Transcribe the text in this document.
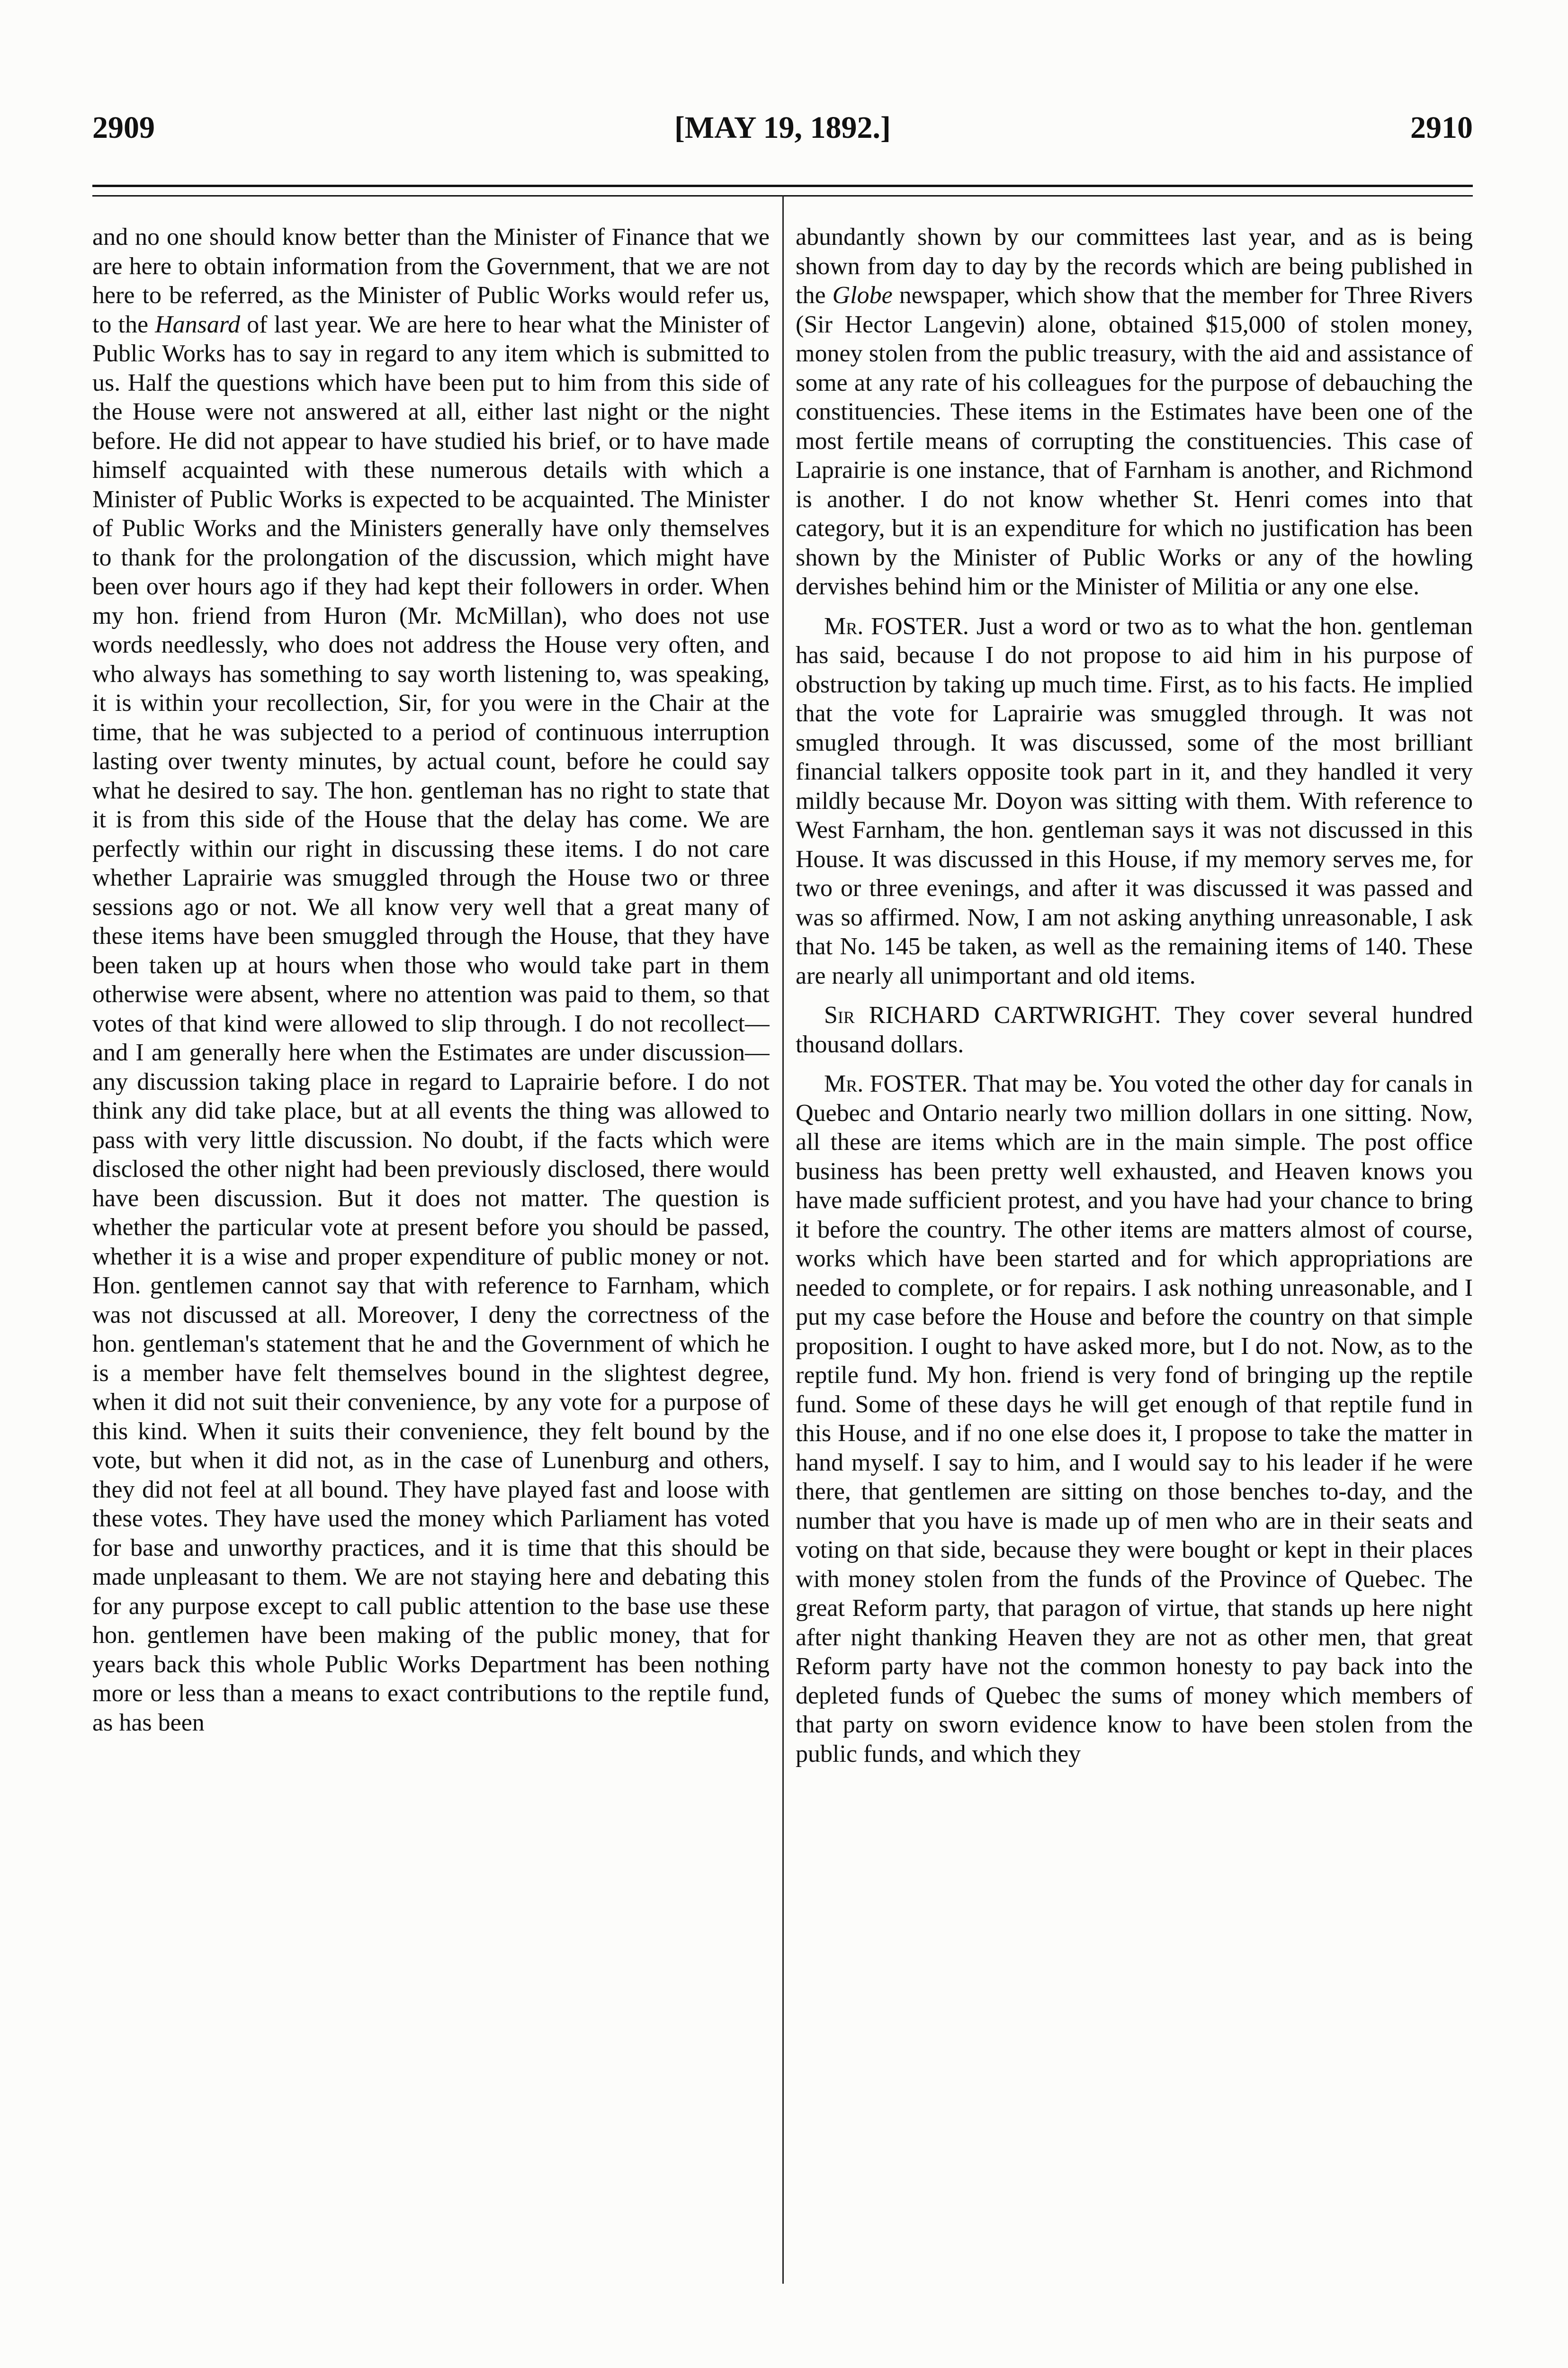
2909	[MAY 19, 1892.]	2910

and no one should know better than the Minister of Finance that we are here to obtain information from the Government, that we are not here to be referred, as the Minister of Public Works would refer us, to the Hansard of last year. We are here to hear what the Minister of Public Works has to say in regard to any item which is submitted to us. Half the questions which have been put to him from this side of the House were not answered at all, either last night or the night before. He did not appear to have studied his brief, or to have made himself acquainted with these numerous details with which a Minister of Public Works is expected to be acquainted. The Minister of Public Works and the Ministers generally have only themselves to thank for the prolongation of the discussion, which might have been over hours ago if they had kept their followers in order. When my hon. friend from Huron (Mr. McMillan), who does not use words needlessly, who does not address the House very often, and who always has something to say worth listening to, was speaking, it is within your recollection, Sir, for you were in the Chair at the time, that he was subjected to a period of continuous interruption lasting over twenty minutes, by actual count, before he could say what he desired to say. The hon. gentleman has no right to state that it is from this side of the House that the delay has come. We are perfectly within our right in discussing these items. I do not care whether Laprairie was smuggled through the House two or three sessions ago or not. We all know very well that a great many of these items have been smuggled through the House, that they have been taken up at hours when those who would take part in them otherwise were absent, where no attention was paid to them, so that votes of that kind were allowed to slip through. I do not recollect—and I am generally here when the Estimates are under discussion—any discussion taking place in regard to Laprairie before. I do not think any did take place, but at all events the thing was allowed to pass with very little discussion. No doubt, if the facts which were disclosed the other night had been previously disclosed, there would have been discussion. But it does not matter. The question is whether the particular vote at present before you should be passed, whether it is a wise and proper expenditure of public money or not. Hon. gentlemen cannot say that with reference to Farnham, which was not discussed at all. Moreover, I deny the correctness of the hon. gentleman's statement that he and the Government of which he is a member have felt themselves bound in the slightest degree, when it did not suit their convenience, by any vote for a purpose of this kind. When it suits their convenience, they felt bound by the vote, but when it did not, as in the case of Lunenburg and others, they did not feel at all bound. They have played fast and loose with these votes. They have used the money which Parliament has voted for base and unworthy practices, and it is time that this should be made unpleasant to them. We are not staying here and debating this for any purpose except to call public attention to the base use these hon. gentlemen have been making of the public money, that for years back this whole Public Works Department has been nothing more or less than a means to exact contributions to the reptile fund, as has been

abundantly shown by our committees last year, and as is being shown from day to day by the records which are being published in the Globe newspaper, which show that the member for Three Rivers (Sir Hector Langevin) alone, obtained $15,000 of stolen money, money stolen from the public treasury, with the aid and assistance of some at any rate of his colleagues for the purpose of debauching the constituencies. These items in the Estimates have been one of the most fertile means of corrupting the constituencies. This case of Laprairie is one instance, that of Farnham is another, and Richmond is another. I do not know whether St. Henri comes into that category, but it is an expenditure for which no justification has been shown by the Minister of Public Works or any of the howling dervishes behind him or the Minister of Militia or any one else.

Mr. FOSTER. Just a word or two as to what the hon. gentleman has said, because I do not propose to aid him in his purpose of obstruction by taking up much time. First, as to his facts. He implied that the vote for Laprairie was smuggled through. It was not smugled through. It was discussed, some of the most brilliant financial talkers opposite took part in it, and they handled it very mildly because Mr. Doyon was sitting with them. With reference to West Farnham, the hon. gentleman says it was not discussed in this House. It was discussed in this House, if my memory serves me, for two or three evenings, and after it was discussed it was passed and was so affirmed. Now, I am not asking anything unreasonable, I ask that No. 145 be taken, as well as the remaining items of 140. These are nearly all unimportant and old items.

Sir RICHARD CARTWRIGHT. They cover several hundred thousand dollars.

Mr. FOSTER. That may be. You voted the other day for canals in Quebec and Ontario nearly two million dollars in one sitting. Now, all these are items which are in the main simple. The post office business has been pretty well exhausted, and Heaven knows you have made sufficient protest, and you have had your chance to bring it before the country. The other items are matters almost of course, works which have been started and for which appropriations are needed to complete, or for repairs. I ask nothing unreasonable, and I put my case before the House and before the country on that simple proposition. I ought to have asked more, but I do not. Now, as to the reptile fund. My hon. friend is very fond of bringing up the reptile fund. Some of these days he will get enough of that reptile fund in this House, and if no one else does it, I propose to take the matter in hand myself. I say to him, and I would say to his leader if he were there, that gentlemen are sitting on those benches to-day, and the number that you have is made up of men who are in their seats and voting on that side, because they were bought or kept in their places with money stolen from the funds of the Province of Quebec. The great Reform party, that paragon of virtue, that stands up here night after night thanking Heaven they are not as other men, that great Reform party have not the common honesty to pay back into the depleted funds of Quebec the sums of money which members of that party on sworn evidence know to have been stolen from the public funds, and which they
